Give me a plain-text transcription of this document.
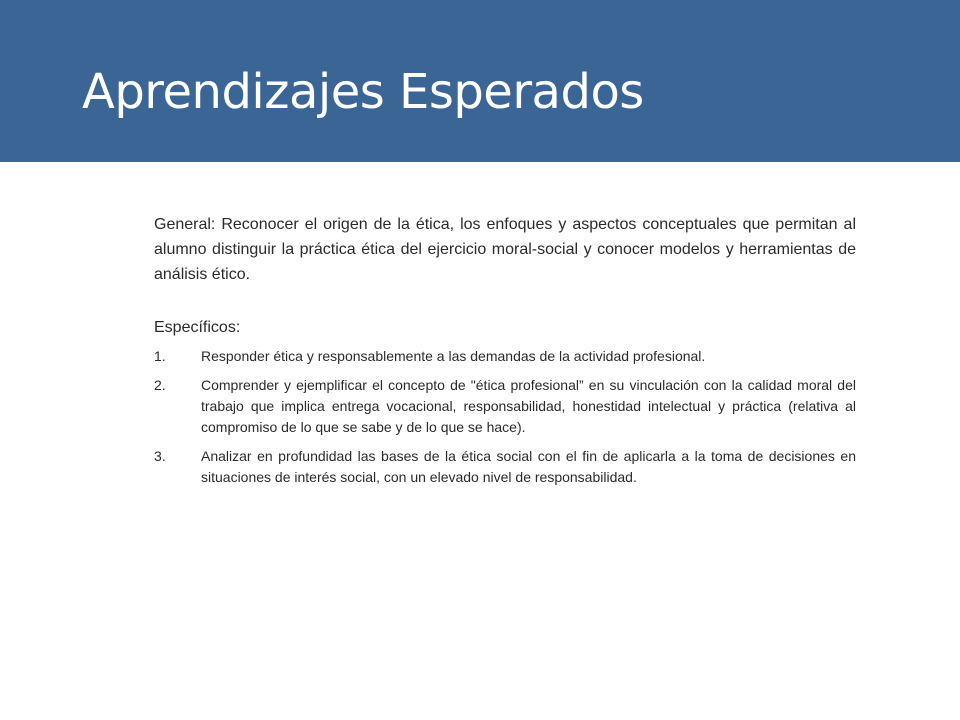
Aprendizajes Esperados

General: Reconocer el origen de la ética, los enfoques y aspectos conceptuales que permitan al alumno distinguir la práctica ética del ejercicio moral-social y conocer modelos y herramientas de análisis ético.

Específicos:

1.	Responder ética y responsablemente a las demandas de la actividad profesional.
2.	Comprender y ejemplificar el concepto de "ética profesional” en su vinculación con la calidad moral del trabajo que implica entrega vocacional, responsabilidad, honestidad intelectual y práctica (relativa al compromiso de lo que se sabe y de lo que se hace).
3.	Analizar en profundidad las bases de la ética social con el fin de aplicarla a la toma de decisiones en situaciones de interés social, con un elevado nivel de responsabilidad.
